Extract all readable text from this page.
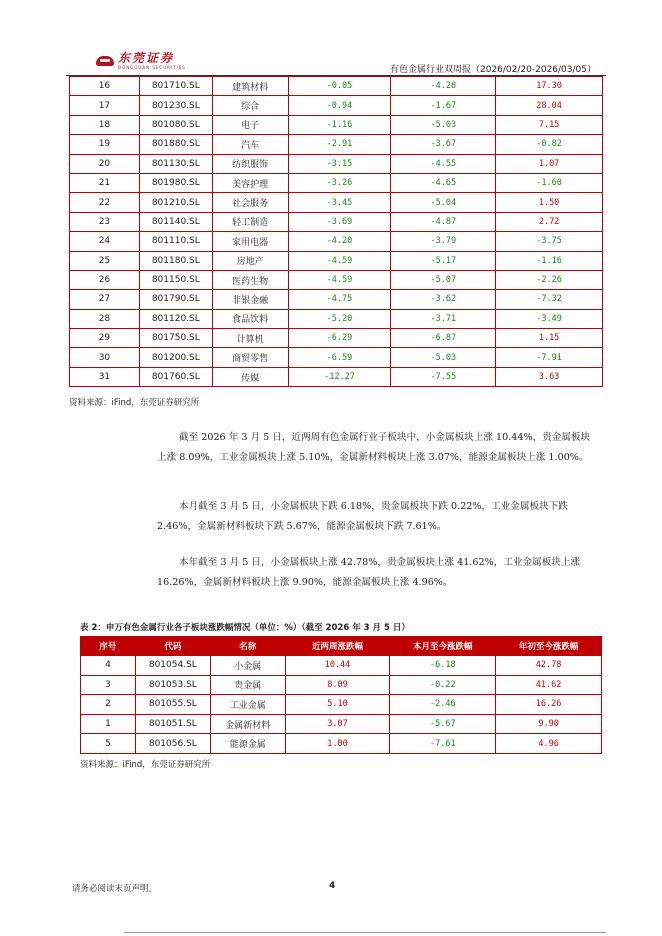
东莞证券
DONGGUAN SECURITIES	有色金属行业双周报（2026/02/20-2026/03/05）
16	801710.SL	建筑材料	-0.05	-4.28	17.30
17	801230.SL	综合	-0.94	-1.67	28.04
18	801080.SL	电子	-1.16	-5.03	7.15
19	801880.SL	汽车	-2.91	-3.67	-0.82
20	801130.SL	纺织服饰	-3.15	-4.55	1.07
21	801980.SL	美容护理	-3.26	-4.65	-1.60
22	801210.SL	社会服务	-3.45	-5.04	1.50
23	801140.SL	轻工制造	-3.69	-4.87	2.72
24	801110.SL	家用电器	-4.20	-3.79	-3.75
25	801180.SL	房地产	-4.59	-5.17	-1.16
26	801150.SL	医药生物	-4.59	-5.07	-2.26
27	801790.SL	非银金融	-4.75	-3.62	-7.32
28	801120.SL	食品饮料	-5.20	-3.71	-3.49
29	801750.SL	计算机	-6.29	-6.87	1.15
30	801200.SL	商贸零售	-6.59	-5.03	-7.91
31	801760.SL	传媒	-12.27	-7.55	3.63
资料来源：iFind，东莞证券研究所
截至 2026 年 3 月 5 日，近两周有色金属行业子板块中，小金属板块上涨 10.44%，贵金属板块上涨 8.09%，工业金属板块上涨 5.10%，金属新材料板块上涨 3.07%，能源金属板块上涨 1.00%。
本月截至 3 月 5 日，小金属板块下跌 6.18%，贵金属板块下跌 0.22%，工业金属板块下跌 2.46%，金属新材料板块下跌 5.67%，能源金属板块下跌 7.61%。
本年截至 3 月 5 日，小金属板块上涨 42.78%，贵金属板块上涨 41.62%，工业金属板块上涨 16.26%，金属新材料板块上涨 9.90%，能源金属板块上涨 4.96%。
表 2：申万有色金属行业各子板块涨跌幅情况（单位：%）（截至 2026 年 3 月 5 日）
序号	代码	名称	近两周涨跌幅	本月至今涨跌幅	年初至今涨跌幅
4	801054.SL	小金属	10.44	-6.18	42.78
3	801053.SL	贵金属	8.09	-0.22	41.62
2	801055.SL	工业金属	5.10	-2.46	16.26
1	801051.SL	金属新材料	3.07	-5.67	9.90
5	801056.SL	能源金属	1.00	-7.61	4.96
资料来源：iFind，东莞证券研究所
请务必阅读末页声明。	4
